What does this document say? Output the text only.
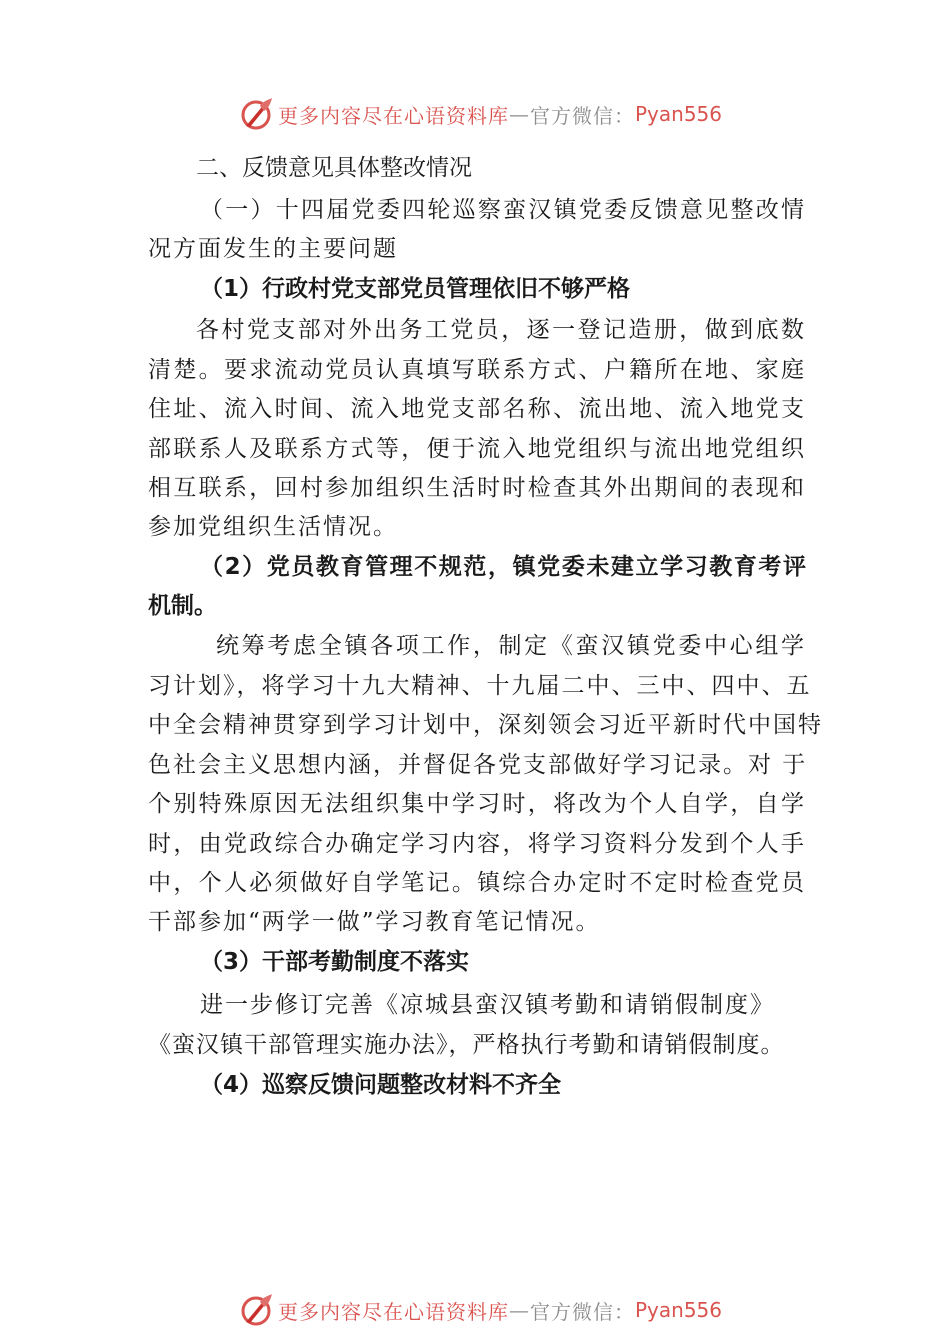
更多内容尽在心语资料库 — 官方微信： Pyan556
二、反馈意见具体整改情况
（一）十四届党委四轮巡察蛮汉镇党委反馈意见整改情
况方面发生的主要问题
（1）行政村党支部党员管理依旧不够严格
各村党支部对外出务工党员，逐一登记造册，做到底数
清楚。要求流动党员认真填写联系方式、户籍所在地、家庭
住址、流入时间、流入地党支部名称、流出地、流入地党支
部联系人及联系方式等，便于流入地党组织与流出地党组织
相互联系，回村参加组织生活时时检查其外出期间的表现和
参加党组织生活情况。
（2）党员教育管理不规范，镇党委未建立学习教育考评
机制。
统筹考虑全镇各项工作，制定《蛮汉镇党委中心组学
习计划》，将学习十九大精神、十九届二中、三中、四中、五
中全会精神贯穿到学习计划中，深刻领会习近平新时代中国特
色社会主义思想内涵，并督促各党支部做好学习记录。对 于
个别特殊原因无法组织集中学习时，将改为个人自学，自学
时，由党政综合办确定学习内容，将学习资料分发到个人手
中，个人必须做好自学笔记。镇综合办定时不定时检查党员
干部参加“两学一做”学习教育笔记情况。
（3）干部考勤制度不落实
进一步修订完善《凉城县蛮汉镇考勤和请销假制度》
《蛮汉镇干部管理实施办法》，严格执行考勤和请销假制度。
（4）巡察反馈问题整改材料不齐全
更多内容尽在心语资料库 — 官方微信： Pyan556
